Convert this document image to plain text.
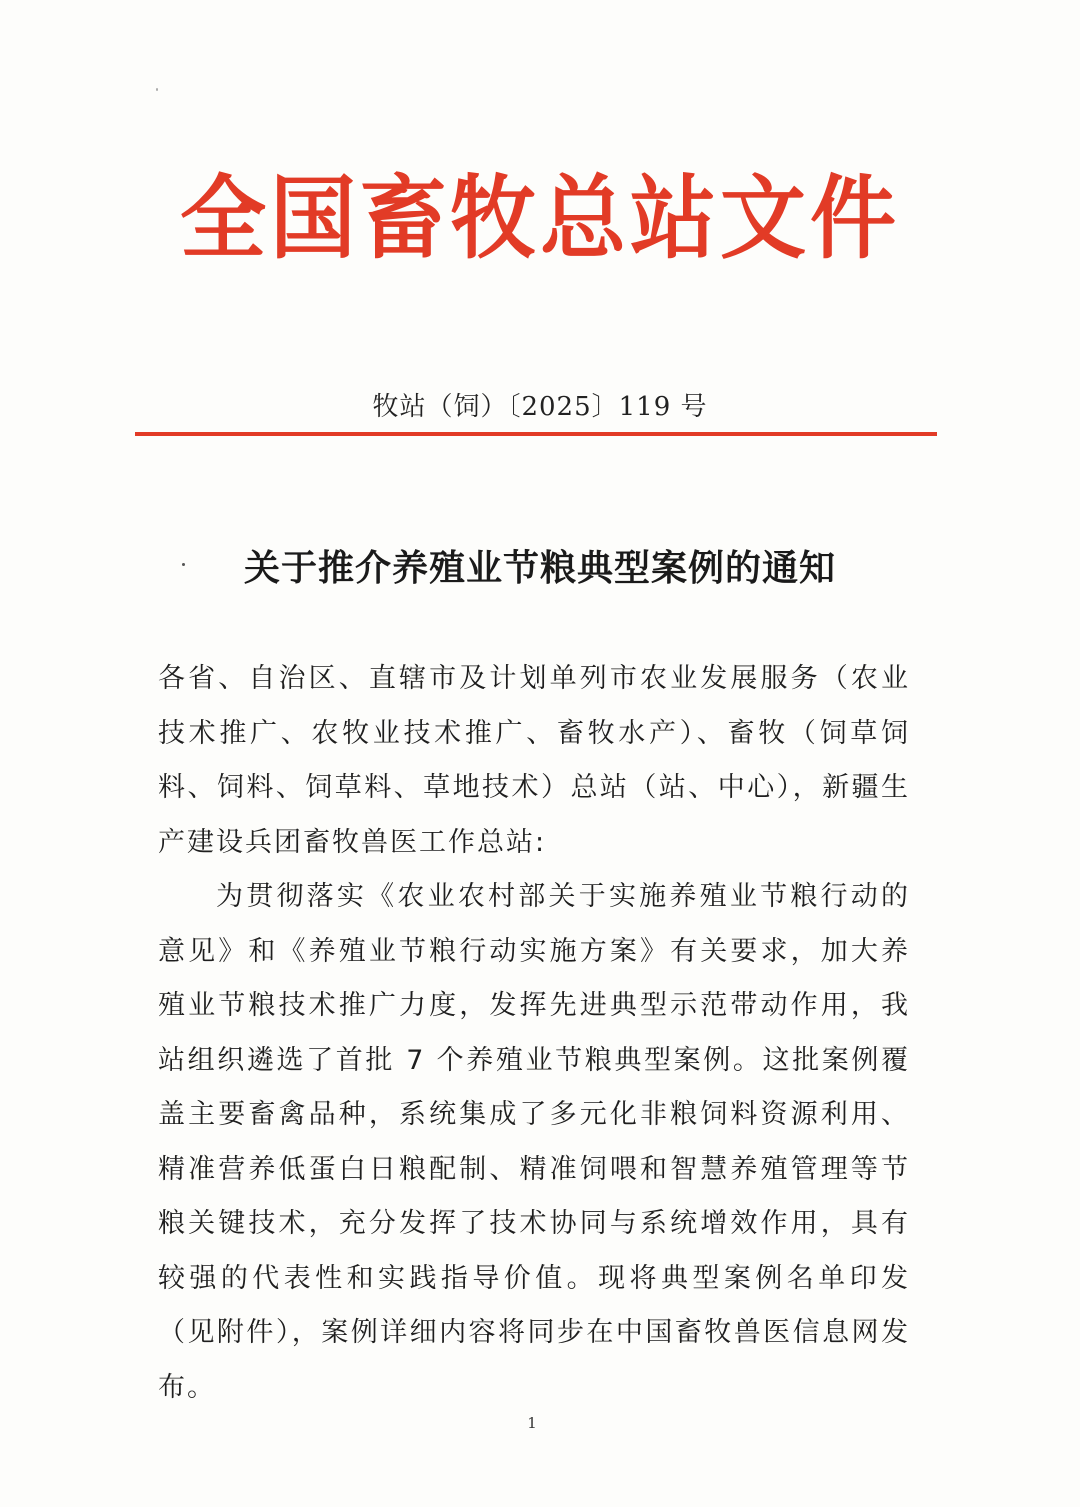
全国畜牧总站文件
牧站（饲）〔2025〕119 号
关于推介养殖业节粮典型案例的通知

各省、自治区、直辖市及计划单列市农业发展服务（农业技术推广、农牧业技术推广、畜牧水产）、畜牧（饲草饲料、饲料、饲草料、草地技术）总站（站、中心），新疆生产建设兵团畜牧兽医工作总站:

为贯彻落实《农业农村部关于实施养殖业节粮行动的意见》和《养殖业节粮行动实施方案》有关要求，加大养殖业节粮技术推广力度，发挥先进典型示范带动作用，我站组织遴选了首批 7 个养殖业节粮典型案例。这批案例覆盖主要畜禽品种，系统集成了多元化非粮饲料资源利用、精准营养低蛋白日粮配制、精准饲喂和智慧养殖管理等节粮关键技术，充分发挥了技术协同与系统增效作用，具有较强的代表性和实践指导价值。现将典型案例名单印发（见附件），案例详细内容将同步在中国畜牧兽医信息网发布。

1
